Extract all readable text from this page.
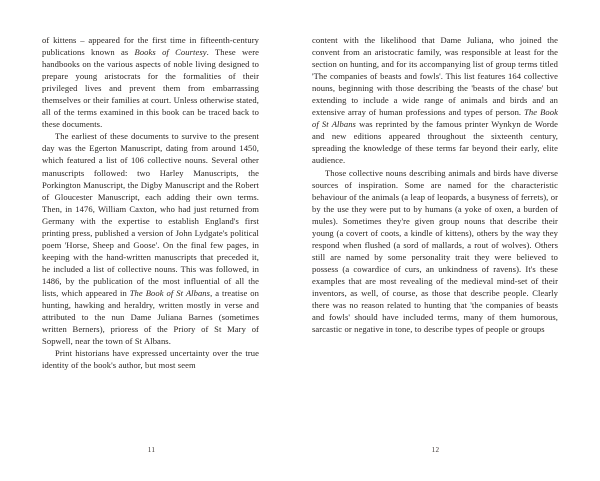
of kittens – appeared for the first time in fifteenth-century publications known as Books of Courtesy. These were handbooks on the various aspects of noble living designed to prepare young aristocrats for the formalities of their privileged lives and prevent them from embarrassing themselves or their families at court. Unless otherwise stated, all of the terms examined in this book can be traced back to these documents.

The earliest of these documents to survive to the present day was the Egerton Manuscript, dating from around 1450, which featured a list of 106 collective nouns. Several other manuscripts followed: two Harley Manuscripts, the Porkington Manuscript, the Digby Manuscript and the Robert of Gloucester Manuscript, each adding their own terms. Then, in 1476, William Caxton, who had just returned from Germany with the expertise to establish England's first printing press, published a version of John Lydgate's political poem 'Horse, Sheep and Goose'. On the final few pages, in keeping with the hand-written manuscripts that preceded it, he included a list of collective nouns. This was followed, in 1486, by the publication of the most influential of all the lists, which appeared in The Book of St Albans, a treatise on hunting, hawking and heraldry, written mostly in verse and attributed to the nun Dame Juliana Barnes (sometimes written Berners), prioress of the Priory of St Mary of Sopwell, near the town of St Albans.

Print historians have expressed uncertainty over the true identity of the book's author, but most seem

11

content with the likelihood that Dame Juliana, who joined the convent from an aristocratic family, was responsible at least for the section on hunting, and for its accompanying list of group terms titled 'The companies of beasts and fowls'. This list features 164 collective nouns, beginning with those describing the 'beasts of the chase' but extending to include a wide range of animals and birds and an extensive array of human professions and types of person. The Book of St Albans was reprinted by the famous printer Wynkyn de Worde and new editions appeared throughout the sixteenth century, spreading the knowledge of these terms far beyond their early, elite audience.

Those collective nouns describing animals and birds have diverse sources of inspiration. Some are named for the characteristic behaviour of the animals (a leap of leopards, a busyness of ferrets), or by the use they were put to by humans (a yoke of oxen, a burden of mules). Sometimes they're given group nouns that describe their young (a covert of coots, a kindle of kittens), others by the way they respond when flushed (a sord of mallards, a rout of wolves). Others still are named by some personality trait they were believed to possess (a cowardice of curs, an unkindness of ravens). It's these examples that are most revealing of the medieval mind-set of their inventors, as well, of course, as those that describe people. Clearly there was no reason related to hunting that 'the companies of beasts and fowls' should have included terms, many of them humorous, sarcastic or negative in tone, to describe types of people or groups

12
